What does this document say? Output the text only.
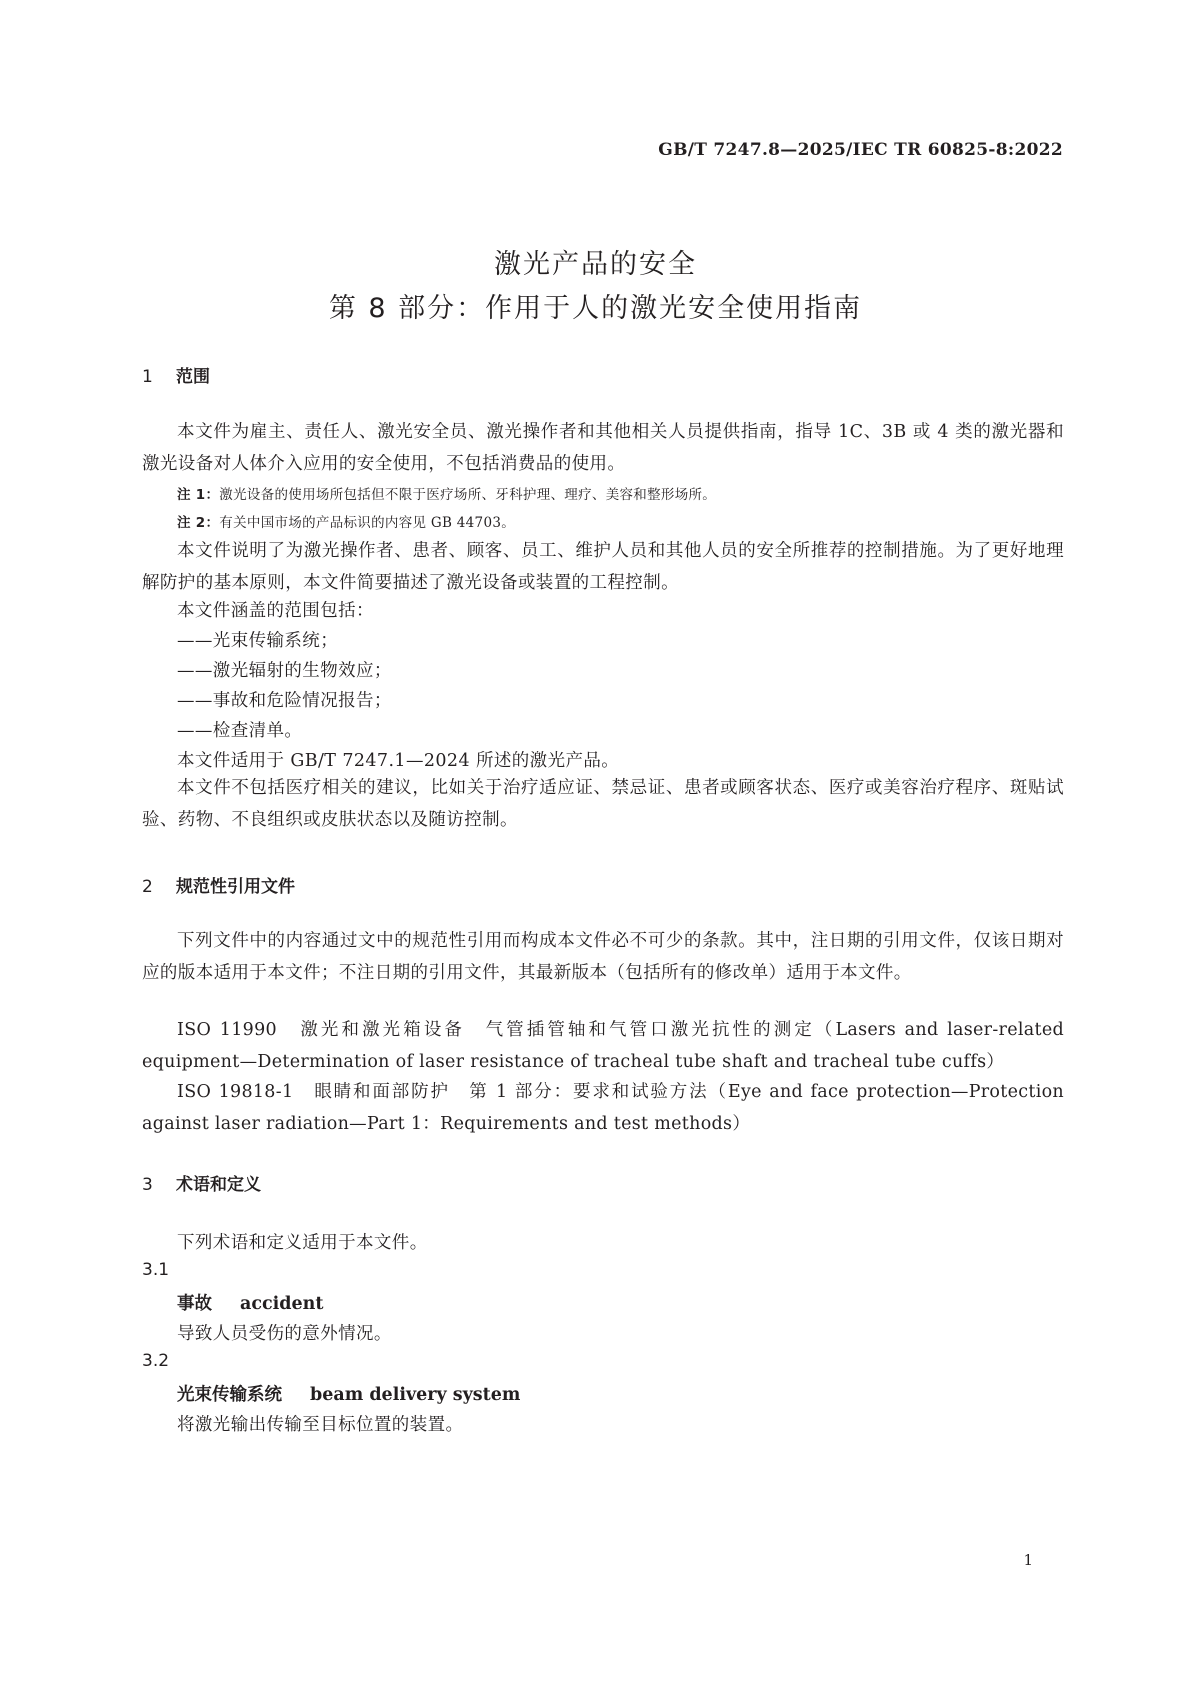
GB/T 7247.8—2025/IEC TR 60825-8:2022
激光产品的安全
第 8 部分：作用于人的激光安全使用指南
1 范围
本文件为雇主、责任人、激光安全员、激光操作者和其他相关人员提供指南，指导 1C、3B 或 4 类的激光器和激光设备对人体介入应用的安全使用，不包括消费品的使用。
注 1：激光设备的使用场所包括但不限于医疗场所、牙科护理、理疗、美容和整形场所。
注 2：有关中国市场的产品标识的内容见 GB 44703。
本文件说明了为激光操作者、患者、顾客、员工、维护人员和其他人员的安全所推荐的控制措施。为了更好地理解防护的基本原则，本文件简要描述了激光设备或装置的工程控制。
本文件涵盖的范围包括：
——光束传输系统；
——激光辐射的生物效应；
——事故和危险情况报告；
——检查清单。
本文件适用于 GB/T 7247.1—2024 所述的激光产品。
本文件不包括医疗相关的建议，比如关于治疗适应证、禁忌证、患者或顾客状态、医疗或美容治疗程序、斑贴试验、药物、不良组织或皮肤状态以及随访控制。
2 规范性引用文件
下列文件中的内容通过文中的规范性引用而构成本文件必不可少的条款。其中，注日期的引用文件，仅该日期对应的版本适用于本文件；不注日期的引用文件，其最新版本（包括所有的修改单）适用于本文件。
ISO 11990　激光和激光箱设备　气管插管轴和气管口激光抗性的测定（Lasers and laser-related equipment—Determination of laser resistance of tracheal tube shaft and tracheal tube cuffs）
ISO 19818-1　眼睛和面部防护　第 1 部分：要求和试验方法（Eye and face protection—Protection against laser radiation—Part 1：Requirements and test methods）
3 术语和定义
下列术语和定义适用于本文件。
3.1
事故 accident
导致人员受伤的意外情况。
3.2
光束传输系统 beam delivery system
将激光输出传输至目标位置的装置。
1
